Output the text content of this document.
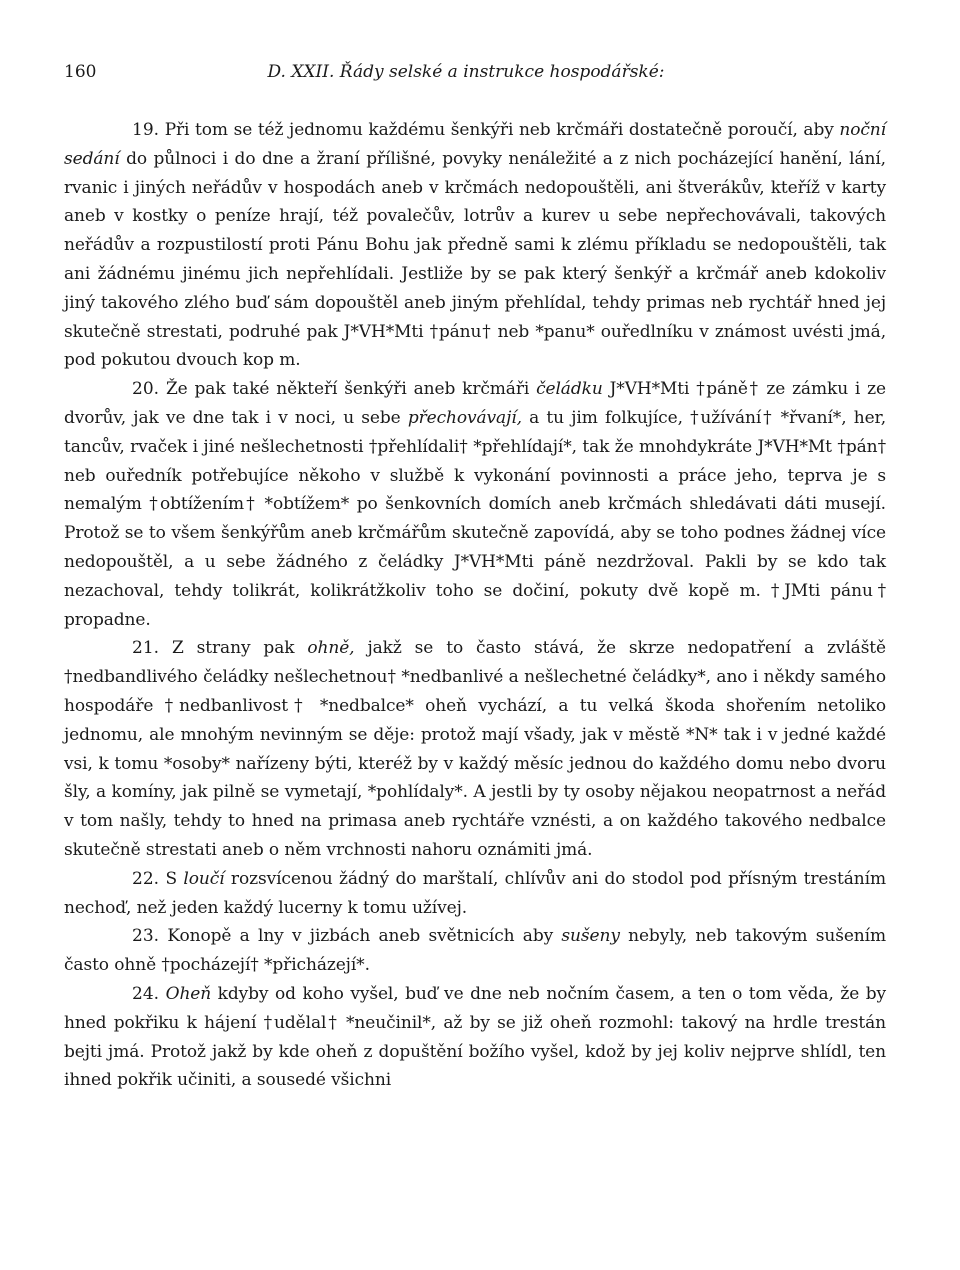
160	D. XXII. Řády selské a instrukce hospodářské:

19. Při tom se též jednomu každému šenkýři neb krčmáři dostatečně poroučí, aby noční sedání do půlnoci i do dne a žraní přílišné, povyky nenáležité a z nich pocházející hanění, lání, rvanic i jiných neřádův v hospodách aneb v krčmách nedopouštěli, ani štverákův, kteříž v karty aneb v kostky o peníze hrají, též povalečův, lotrův a kurev u sebe nepřechovávali, takových neřádův a rozpustilostí proti Pánu Bohu jak předně sami k zlému příkladu se nedopouštěli, tak ani žádnému jinému jich nepřehlídali. Jestliže by se pak který šenkýř a krčmář aneb kdokoliv jiný takového zlého buď sám dopouštěl aneb jiným přehlídal, tehdy primas neb rychtář hned jej skutečně strestati, podruhé pak J*VH*Mti †pánu† neb *panu* ouředlníku v známost uvésti jmá, pod pokutou dvouch kop m.

20. Že pak také někteří šenkýři aneb krčmáři čeládku J*VH*Mti †páně† ze zámku i ze dvorův, jak ve dne tak i v noci, u sebe přechovávají, a tu jim folkujíce, †užívání† *řvaní*, her, tancův, rvaček i jiné nešlechetnosti †přehlídali† *přehlídají*, tak že mnohdykráte J*VH*Mt †pán† neb ouředník potřebujíce někoho v službě k vykonání povinnosti a práce jeho, teprva je s nemalým †obtížením† *obtížem* po šenkovních domích aneb krčmách shledávati dáti musejí. Protož se to všem šenkýřům aneb krčmářům skutečně zapovídá, aby se toho podnes žádnej více nedopouštěl, a u sebe žádného z čeládky J*VH*Mti páně nezdržoval. Pakli by se kdo tak nezachoval, tehdy tolikrát, kolikrátžkoliv toho se dočiní, pokuty dvě kopě m. †JMti pánu† propadne.

21. Z strany pak ohně, jakž se to často stává, že skrze nedopatření a zvláště †nedbandlivého čeládky nešlechetnou† *nedbanlivé a nešlechetné čeládky*, ano i někdy samého hospodáře †nedbanlivost† *nedbalce* oheň vychází, a tu velká škoda shořením netoliko jednomu, ale mnohým nevinným se děje: protož mají všady, jak v městě *N* tak i v jedné každé vsi, k tomu *osoby* nařízeny býti, kteréž by v každý měsíc jednou do každého domu nebo dvoru šly, a komíny, jak pilně se vymetají, *pohlídaly*. A jestli by ty osoby nějakou neopatrnost a neřád v tom našly, tehdy to hned na primasa aneb rychtáře vznésti, a on každého takového nedbalce skutečně strestati aneb o něm vrchnosti nahoru oznámiti jmá.

22. S loučí rozsvícenou žádný do marštalí, chlívův ani do stodol pod přísným trestáním nechoď, než jeden každý lucerny k tomu užívej.

23. Konopě a lny v jizbách aneb světnicích aby sušeny nebyly, neb takovým sušením často ohně †pocházejí† *přicházejí*.

24. Oheň kdyby od koho vyšel, buď ve dne neb nočním časem, a ten o tom věda, že by hned pokřiku k hájení †udělal† *neučinil*, až by se již oheň rozmohl: takový na hrdle trestán bejti jmá. Protož jakž by kde oheň z dopuštění božího vyšel, kdož by jej koliv nejprve shlídl, ten ihned pokřik učiniti, a sousedé všichni
